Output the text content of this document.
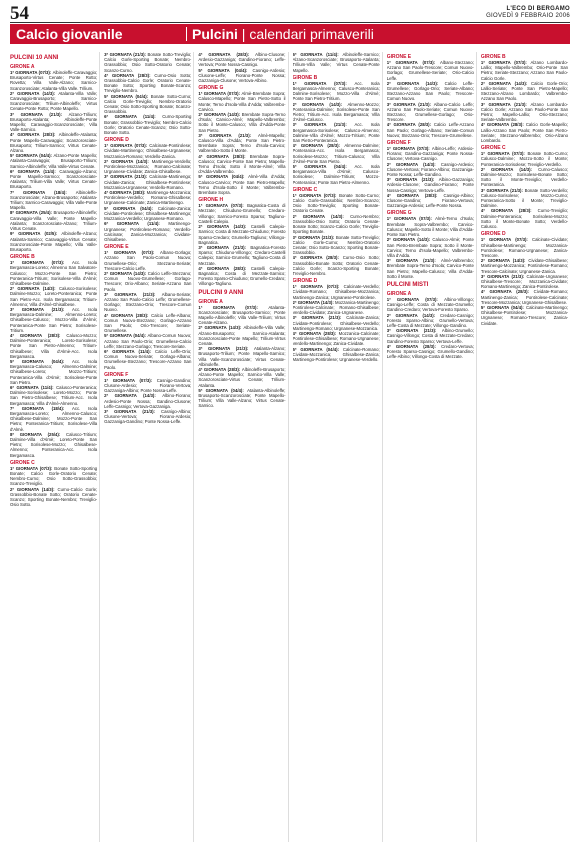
54	L'ECO DI BERGAMO
GIOVEDÌ 9 FEBBRAIO 2006
Calcio giovanile	Pulcini | calendari primaverili
PULCINI 10 ANNI
GIRONE A
1ª GIORNATA (07/3): Albinoleffe-Caravaggio; Brusaporto-Virtus Cenate; Ponte Rotto; Rovetta; Villa Valle-Alzano; Sarnico-Scanzorosciate; Atalanta-Villa Valle. Trilium.
2ª GIORNATA (14/3): Atalanta-Villa Valle; Caravaggio-Brusaporto; Sarnico-Scanzorosciate; Trilium-Albinoleffe; Virtus Cenate-Ponte Rotto; Ponte Mapello.
3ª GIORNATA (21/3): Alzano-Trilium; Brusaporto-Atalanta; Albinoleffe-Ponte Mapello; Caravaggio-Scanzorosciate; Villa Valle-Sarnico.
4ª GIORNATA (28/3): Albinoleffe-Atalanta; Ponte Mapello-Caravaggio; Scanzorosciate-Brusaporto; Trilium-Sarnico; Virtus Cenate-Alzano.
5ª GIORNATA (04/4): Alzano-Ponte Mapello; Atalanta-Caravaggio; Brusaporto-Trilium; Sarnico-Albinoleffe; Villa Valle-Virtus Cenate.
6ª GIORNATA (11/4): Caravaggio-Alzano; Ponte Mapello-Sarnico; Scanzorosciate-Atalanta; Trilium-Villa Valle; Virtus Cenate-Brusaporto.
7ª GIORNATA (18/4): Albinoleffe-Scanzorosciate; Alzano-Brusaporto; Atalanta-Trilium; Sarnico-Caravaggio; Villa Valle-Ponte Mapello.
8ª GIORNATA (25/4): Brusaporto-Albinoleffe; Caravaggio-Villa Valle; Ponte Mapello-Atalanta; Scanzorosciate-Alzano; Trilium-Virtus Cenate.
9ª GIORNATA (02/5): Albinoleffe-Alzano; Atalanta-Sarnico; Caravaggio-Virtus Cenate; Scanzorosciate-Ponte Mapello; Villa Valle-Brusaporto.
GIRONE B
1ª GIORNATA (07/3): Acc. Isola Bergamasca-Loreto; Almenno San Salvatore-Calusco; Mozzo-Ponte San Pietro; Ponteranica-Tritium; Sorisolese-Villa d'Almè; Ghisalbese-Dalmine.
2ª GIORNATA (14/3): Calusco-Sorisolese; Dalmine-Mozzo; Loreto-Ponteranica; Ponte San Pietro-Acc. Isola Bergamasca; Tritium-Almenno; Villa d'Almè-Ghisalbese.
3ª GIORNATA (21/3): Acc. Isola Bergamasca-Dalmine; Almenno-Loreto; Ghisalbese-Calusco; Mozzo-Villa d'Almè; Ponteranica-Ponte San Pietro; Sorisolese-Tritium.
4ª GIORNATA (28/3): Calusco-Mozzo; Dalmine-Ponteranica; Loreto-Sorisolese; Ponte San Pietro-Almenno; Tritium-Ghisalbese; Villa d'Almè-Acc. Isola Bergamasca.
5ª GIORNATA (04/4): Acc. Isola Bergamasca-Calusco; Almenno-Dalmine; Ghisalbese-Loreto; Mozzo-Tritium; Ponteranica-Villa d'Almè; Sorisolese-Ponte San Pietro.
6ª GIORNATA (11/4): Calusco-Ponteranica; Dalmine-Sorisolese; Loreto-Mozzo; Ponte San Pietro-Ghisalbese; Tritium-Acc. Isola Bergamasca; Villa d'Almè-Almenno.
7ª GIORNATA (18/4): Acc. Isola Bergamasca-Loreto; Almenno-Calusco; Ghisalbese-Dalmine; Mozzo-Ponte San Pietro; Ponteranica-Tritium; Sorisolese-Villa d'Almè.
8ª GIORNATA (25/4): Calusco-Tritium; Dalmine-Villa d'Almè; Loreto-Ponte San Pietro; Sorisolese-Mozzo; Ghisalbese-Almenno; Ponteranica-Acc. Isola Bergamasca.
GIRONE C
1ª GIORNATA (07/3): Bonate Sotto-Sporting Bonate; Calcio Gorle-Oratorio Cenate; Nembro-Curno; Osio Sotto-Grassobbio; Scanzo-Treviglio.
2ª GIORNATA (14/3): Curno-Calcio Gorle; Grassobbio-Bonate Sotto; Oratorio Cenate-Scanzo; Sporting Bonate-Nembro; Treviglio-Osio Sotto.
3ª GIORNATA (21/3): Bonate Sotto-Treviglio; Calcio Gorle-Sporting Bonate; Nembro-Grassobbio; Osio Sotto-Oratorio Cenate; Scanzo-Curno.
4ª GIORNATA (28/3): Curno-Osio Sotto; Grassobbio-Calcio Gorle; Oratorio Cenate-Bonate Sotto; Sporting Bonate-Scanzo; Treviglio-Nembro.
5ª GIORNATA (04/4): Bonate Sotto-Curno; Calcio Gorle-Treviglio; Nembro-Oratorio Cenate; Osio Sotto-Sporting Bonate; Scanzo-Grassobbio.
6ª GIORNATA (11/4): Curno-Sporting Bonate; Grassobbio-Treviglio; Nembro-Calcio Gorle; Oratorio Cenate-Scanzo; Osio Sotto-Bonate Sotto.
GIRONE D
1ª GIORNATA (07/3): Calcinate-Pontirolese; Cividate-Martinengo; Ghisalbese-Urgnanese; Mozzanica-Romano; Verdello-Zanica.
2ª GIORNATA (14/3): Martinengo-Verdello; Pontirolese-Mozzanica; Romano-Calcinate; Urgnanese-Cividate; Zanica-Ghisalbese.
3ª GIORNATA (21/3): Calcinate-Martinengo; Cividate-Zanica; Ghisalbese-Pontirolese; Mozzanica-Urgnanese; Verdello-Romano.
4ª GIORNATA (28/3): Martinengo-Mozzanica; Pontirolese-Verdello; Romano-Ghisalbese; Urgnanese-Calcinate; Zanica-Martinengo.
5ª GIORNATA (04/4): Calcinate-Zanica; Cividate-Pontirolese; Ghisalbese-Martinengo; Mozzanica-Verdello; Urgnanese-Romano.
6ª GIORNATA (11/4): Martinengo-Urgnanese; Pontirolese-Romano; Verdello-Calcinate; Zanica-Mozzanica; Cividate-Ghisalbese.
GIRONE E
1ª GIORNATA (07/3): Albano-Gorlago; Azzano San Paolo-Comun Nuovo; Grumellese-Orio; Stezzano-Seriate; Trescore-Calcio Leffe.
2ª GIORNATA (14/3): Calcio Leffe-Stezzano; Comun Nuovo-Grumellese; Gorlago-Trescore; Orio-Albano; Seriate-Azzano San Paolo.
3ª GIORNATA (21/3): Albano-Seriate; Azzano San Paolo-Calcio Leffe; Grumellese-Gorlago; Stezzano-Orio; Trescore-Comun Nuovo.
4ª GIORNATA (28/3): Calcio Leffe-Albano; Comun Nuovo-Stezzano; Gorlago-Azzano San Paolo; Orio-Trescore; Seriate-Grumellese.
5ª GIORNATA (04/4): Albano-Comun Nuovo; Azzano San Paolo-Orio; Grumellese-Calcio Leffe; Stezzano-Gorlago; Trescore-Seriate.
6ª GIORNATA (11/4): Calcio Leffe-Orio; Comun Nuovo-Seriate; Gorlago-Albano; Grumellese-Stezzano; Trescore-Azzano San Paolo.
GIRONE F
1ª GIORNATA (07/3): Casnigo-Gandino; Clusone-Ardesio; Fiorano-Vertova; Gazzaniga-Albino; Ponte Nossa-Leffe.
2ª GIORNATA (14/3): Albino-Fiorano; Ardesio-Ponte Nossa; Gandino-Clusone; Leffe-Casnigo; Vertova-Gazzaniga.
3ª GIORNATA (21/3): Casnigo-Albino; Clusone-Vertova; Fiorano-Ardesio; Gazzaniga-Gandino; Ponte Nossa-Leffe.
4ª GIORNATA (28/3): Albino-Clusone; Ardesio-Gazzaniga; Gandino-Fiorano; Leffe-Vertova; Ponte Nossa-Casnigo.
5ª GIORNATA (04/4): Casnigo-Ardesio; Clusone-Leffe; Fiorano-Ponte Nossa; Gazzaniga-Clusone; Vertova-Albino.
GIRONE G
1ª GIORNATA (07/3): Almè-Brembate Sopra; Calusco-Mapello; Ponte San Pietro-Sotto il Monte; Terno d'Isola-Villa d'Adda; Valbrembo-Carvico.
2ª GIORNATA (14/3): Brembate Sopra-Terno d'Isola; Carvico-Almè; Mapello-Valbrembo; Sotto il Monte-Calusco; Villa d'Adda-Ponte San Pietro.
3ª GIORNATA (21/3): Almè-Mapello; Calusco-Villa d'Adda; Ponte San Pietro-Brembate Sopra; Terno d'Isola-Carvico; Valbrembo-Sotto il Monte.
4ª GIORNATA (28/3): Brembate Sopra-Calusco; Carvico-Ponte San Pietro; Mapello-Terno d'Isola; Sotto il Monte-Almè; Villa d'Adda-Valbrembo.
5ª GIORNATA (04/4): Almè-Villa d'Adda; Calusco-Carvico; Ponte San Pietro-Mapello; Terno d'Isola-Sotto il Monte; Valbrembo-Brembate Sopra.
GIRONE H
1ª GIORNATA (07/3): Bagnatica-Costa di Mezzate; Chiuduno-Grumello; Credaro-Villongo; Sarnico-Foresto Sparso; Tagliuno-Castelli Calepio.
2ª GIORNATA (14/3): Castelli Calepio-Sarnico; Costa di Mezzate-Chiuduno; Foresto Sparso-Credaro; Grumello-Tagliuno; Villongo-Bagnatica.
3ª GIORNATA (21/3): Bagnatica-Foresto Sparso; Chiuduno-Villongo; Credaro-Castelli Calepio; Sarnico-Grumello; Tagliuno-Costa di Mezzate.
4ª GIORNATA (28/3): Castelli Calepio-Bagnatica; Costa di Mezzate-Sarnico; Foresto Sparso-Chiuduno; Grumello-Credaro; Villongo-Tagliuno.
PULCINI 9 ANNI
GIRONE A
1ª GIORNATA (07/3): Atalanta-Scanzorosciate; Brusaporto-Sarnico; Ponte Mapello-Albinoleffe; Villa Valle-Trilium; Virtus Cenate-Alzano.
2ª GIORNATA (14/3): Albinoleffe-Villa Valle; Alzano-Brusaporto; Sarnico-Atalanta; Scanzorosciate-Ponte Mapello; Trilium-Virtus Cenate.
3ª GIORNATA (21/3): Atalanta-Alzano; Brusaporto-Trilium; Ponte Mapello-Sarnico; Villa Valle-Scanzorosciate; Virtus Cenate-Albinoleffe.
4ª GIORNATA (28/3): Albinoleffe-Brusaporto; Alzano-Ponte Mapello; Sarnico-Villa Valle; Scanzorosciate-Virtus Cenate; Trilium-Atalanta.
5ª GIORNATA (04/4): Atalanta-Albinoleffe; Brusaporto-Scanzorosciate; Ponte Mapello-Trilium; Villa Valle-Alzano; Virtus Cenate-Sarnico.
6ª GIORNATA (11/4): Albinoleffe-Sarnico; Alzano-Scanzorosciate; Brusaporto-Atalanta; Trilium-Villa Valle; Virtus Cenate-Ponte Mapello.
GIRONE B
1ª GIORNATA (07/3): Acc. Isola Bergamasca-Almenno; Calusco-Ponteranica; Dalmine-Sorisolese; Mozzo-Villa d'Almè; Ponte San Pietro-Tritium.
2ª GIORNATA (14/3): Almenno-Mozzo; Ponteranica-Dalmine; Sorisolese-Ponte San Pietro; Tritium-Acc. Isola Bergamasca; Villa d'Almè-Calusco.
3ª GIORNATA (21/3): Acc. Isola Bergamasca-Sorisolese; Calusco-Almenno; Dalmine-Villa d'Almè; Mozzo-Tritium; Ponte San Pietro-Ponteranica.
4ª GIORNATA (28/3): Almenno-Dalmine; Ponteranica-Acc. Isola Bergamasca; Sorisolese-Mozzo; Tritium-Calusco; Villa d'Almè-Ponte San Pietro.
5ª GIORNATA (04/4): Acc. Isola Bergamasca-Villa d'Almè; Calusco-Sorisolese; Dalmine-Tritium; Mozzo-Ponteranica; Ponte San Pietro-Almenno.
GIRONE C
1ª GIORNATA (07/3): Bonate Sotto-Curno; Calcio Gorle-Grassobbio; Nembro-Scanzo; Osio Sotto-Treviglio; Sporting Bonate-Oratorio Cenate.
2ª GIORNATA (14/3): Curno-Nembro; Grassobbio-Osio Sotto; Oratorio Cenate-Bonate Sotto; Scanzo-Calcio Gorle; Treviglio-Sporting Bonate.
3ª GIORNATA (21/3): Bonate Sotto-Treviglio; Calcio Gorle-Curno; Nembro-Oratorio Cenate; Osio Sotto-Scanzo; Sporting Bonate-Grassobbio.
4ª GIORNATA (28/3): Curno-Osio Sotto; Grassobbio-Bonate Sotto; Oratorio Cenate-Calcio Gorle; Scanzo-Sporting Bonate; Treviglio-Nembro.
GIRONE D
1ª GIORNATA (07/3): Calcinate-Verdello; Cividate-Romano; Ghisalbese-Mozzanica; Martinengo-Zanica; Urgnanese-Pontirolese.
2ª GIORNATA (14/3): Mozzanica-Martinengo; Pontirolese-Calcinate; Romano-Ghisalbese; Verdello-Cividate; Zanica-Urgnanese.
3ª GIORNATA (21/3): Calcinate-Zanica; Cividate-Pontirolese; Ghisalbese-Verdello; Martinengo-Romano; Urgnanese-Mozzanica.
4ª GIORNATA (28/3): Mozzanica-Calcinate; Pontirolese-Ghisalbese; Romano-Urgnanese; Verdello-Martinengo; Zanica-Cividate.
5ª GIORNATA (04/4): Calcinate-Romano; Cividate-Mozzanica; Ghisalbese-Zanica; Martinengo-Pontirolese; Urgnanese-Verdello.
GIRONE E
1ª GIORNATA (07/3): Albano-Stezzano; Azzano San Paolo-Trescore; Comun Nuovo-Gorlago; Grumellese-Seriate; Orio-Calcio Leffe.
2ª GIORNATA (14/3): Calcio Leffe-Grumellese; Gorlago-Orio; Seriate-Albano; Stezzano-Azzano San Paolo; Trescore-Comun Nuovo.
3ª GIORNATA (21/3): Albano-Calcio Leffe; Azzano San Paolo-Seriate; Comun Nuovo-Stezzano; Grumellese-Gorlago; Orio-Trescore.
4ª GIORNATA (28/3): Calcio Leffe-Azzano San Paolo; Gorlago-Albano; Seriate-Comun Nuovo; Stezzano-Orio; Trescore-Grumellese.
GIRONE F
1ª GIORNATA (07/3): Albino-Leffe; Ardesio-Fiorano; Gandino-Gazzaniga; Ponte Nossa-Clusone; Vertova-Casnigo.
2ª GIORNATA (14/3): Casnigo-Ardesio; Clusone-Vertova; Fiorano-Albino; Gazzaniga-Ponte Nossa; Leffe-Gandino.
3ª GIORNATA (21/3): Albino-Gazzaniga; Ardesio-Clusone; Gandino-Fiorano; Ponte Nossa-Casnigo; Vertova-Leffe.
4ª GIORNATA (28/3): Casnigo-Albino; Clusone-Gandino; Fiorano-Vertova; Gazzaniga-Ardesio; Leffe-Ponte Nossa.
GIRONE G
1ª GIORNATA (07/3): Almè-Terno d'Isola; Brembate Sopra-Valbrembo; Carvico-Calusco; Mapello-Sotto il Monte; Villa d'Adda-Ponte San Pietro.
2ª GIORNATA (14/3): Calusco-Almè; Ponte San Pietro-Brembate Sopra; Sotto il Monte-Carvico; Terno d'Isola-Mapello; Valbrembo-Villa d'Adda.
3ª GIORNATA (21/3): Almè-Valbrembo; Brembate Sopra-Terno d'Isola; Carvico-Ponte San Pietro; Mapello-Calusco; Villa d'Adda-Sotto il Monte.
PULCINI MISTI
GIRONE A
1ª GIORNATA (07/3): Albino-Villongo; Casnigo-Leffe; Costa di Mezzate-Grumello; Gandino-Credaro; Vertova-Foresto Sparso.
2ª GIORNATA (14/3): Credaro-Casnigo; Foresto Sparso-Albino; Grumello-Vertova; Leffe-Costa di Mezzate; Villongo-Gandino.
3ª GIORNATA (21/3): Albino-Grumello; Casnigo-Villongo; Costa di Mezzate-Credaro; Gandino-Foresto Sparso; Vertova-Leffe.
4ª GIORNATA (28/3): Credaro-Vertova; Foresto Sparso-Casnigo; Grumello-Gandino; Leffe-Albino; Villongo-Costa di Mezzate.
GIRONE B
1ª GIORNATA (07/3): Alzano Lombardo-Lallio; Mapello-Valbrembo; Orio-Ponte San Pietro; Seriate-Stezzano; Azzano San Paolo-Calcio Gorle.
2ª GIORNATA (14/3): Calcio Gorle-Orio; Lallio-Seriate; Ponte San Pietro-Mapello; Stezzano-Alzano Lombardo; Valbrembo-Azzano San Paolo.
3ª GIORNATA (21/3): Alzano Lombardo-Calcio Gorle; Azzano San Paolo-Ponte San Pietro; Mapello-Lallio; Orio-Stezzano; Seriate-Valbrembo.
4ª GIORNATA (28/3): Calcio Gorle-Mapello; Lallio-Azzano San Paolo; Ponte San Pietro-Seriate; Stezzano-Valbrembo; Orio-Alzano Lombardo.
GIRONE C
1ª GIORNATA (07/3): Bonate Sotto-Curno; Calusco-Dalmine; Mozzo-Sotto il Monte; Ponteranica-Sorisolese; Treviglio-Verdello.
2ª GIORNATA (14/3): Curno-Calusco; Dalmine-Mozzo; Sorisolese-Bonate Sotto; Sotto il Monte-Treviglio; Verdello-Ponteranica.
3ª GIORNATA (21/3): Bonate Sotto-Verdello; Calusco-Sorisolese; Mozzo-Curno; Ponteranica-Sotto il Monte; Treviglio-Dalmine.
4ª GIORNATA (28/3): Curno-Treviglio; Dalmine-Ponteranica; Sorisolese-Mozzo; Sotto il Monte-Bonate Sotto; Verdello-Calusco.
GIRONE D
1ª GIORNATA (07/3): Calcinate-Cividate; Ghisalbese-Martinengo; Mozzanica-Pontirolese; Romano-Urgnanese; Zanica-Trescore.
2ª GIORNATA (14/3): Cividate-Ghisalbese; Martinengo-Mozzanica; Pontirolese-Romano; Trescore-Calcinate; Urgnanese-Zanica.
3ª GIORNATA (21/3): Calcinate-Urgnanese; Ghisalbese-Trescore; Mozzanica-Cividate; Romano-Martinengo; Zanica-Pontirolese.
4ª GIORNATA (28/3): Cividate-Romano; Martinengo-Zanica; Pontirolese-Calcinate; Trescore-Mozzanica; Urgnanese-Ghisalbese.
5ª GIORNATA (04/4): Calcinate-Martinengo; Ghisalbese-Pontirolese; Mozzanica-Urgnanese; Romano-Trescore; Zanica-Cividate.
